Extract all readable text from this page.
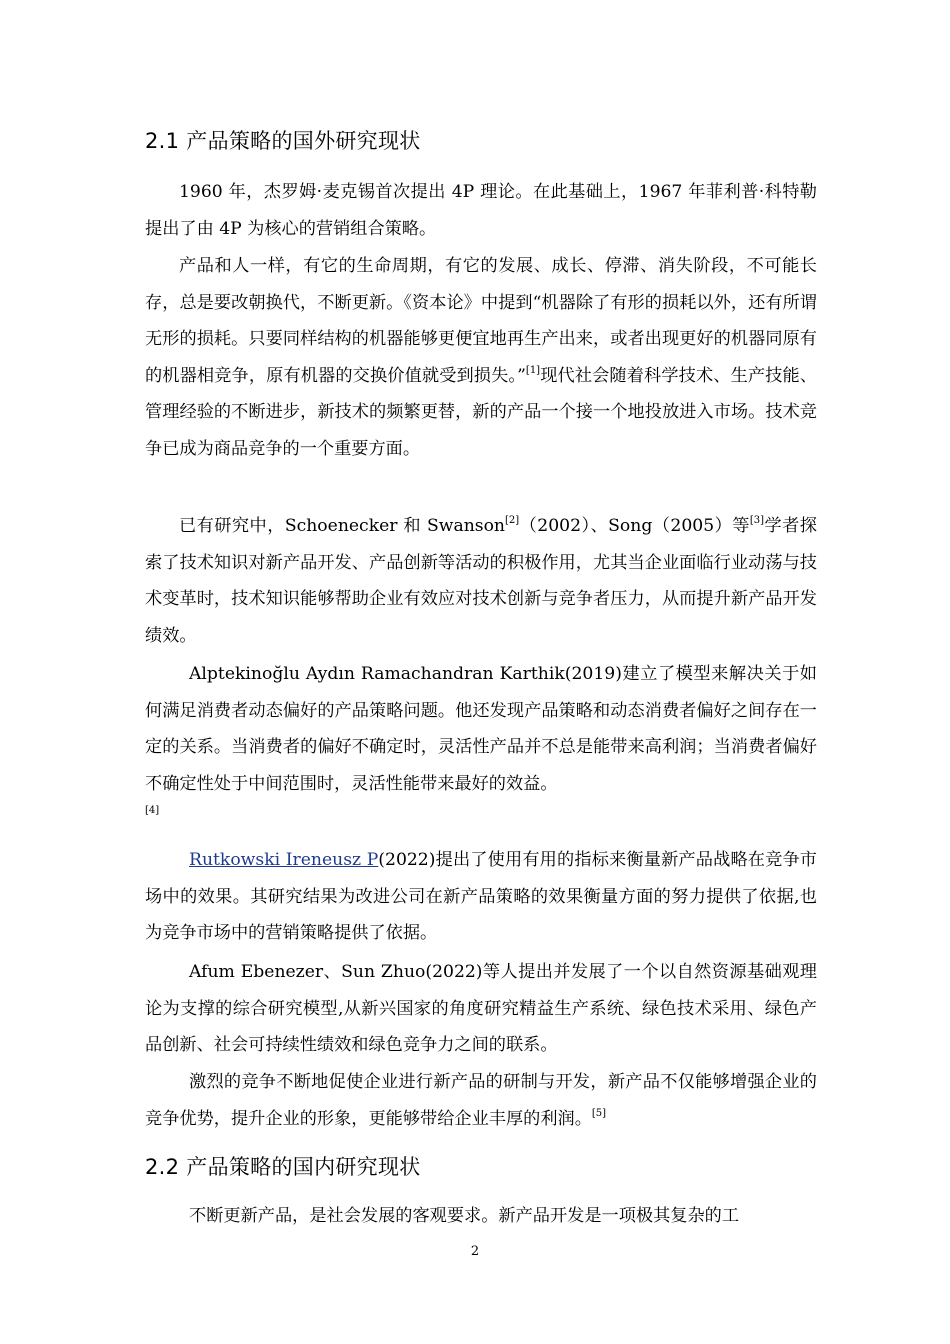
2.1 产品策略的国外研究现状

1960 年，杰罗姆·麦克锡首次提出 4P 理论。在此基础上，1967 年菲利普·科特勒提出了由 4P 为核心的营销组合策略。

产品和人一样，有它的生命周期，有它的发展、成长、停滞、消失阶段，不可能长存，总是要改朝换代，不断更新。《资本论》中提到“机器除了有形的损耗以外，还有所谓无形的损耗。只要同样结构的机器能够更便宜地再生产出来，或者出现更好的机器同原有的机器相竞争，原有机器的交换价值就受到损失。”[1]现代社会随着科学技术、生产技能、管理经验的不断进步，新技术的频繁更替，新的产品一个接一个地投放进入市场。技术竞争已成为商品竞争的一个重要方面。

已有研究中，Schoenecker 和 Swanson[2]（2002）、Song（2005）等[3]学者探索了技术知识对新产品开发、产品创新等活动的积极作用，尤其当企业面临行业动荡与技术变革时，技术知识能够帮助企业有效应对技术创新与竞争者压力，从而提升新产品开发绩效。

Alptekinoğlu Aydın Ramachandran Karthik(2019)建立了模型来解决关于如何满足消费者动态偏好的产品策略问题。他还发现产品策略和动态消费者偏好之间存在一定的关系。当消费者的偏好不确定时，灵活性产品并不总是能带来高利润；当消费者偏好不确定性处于中间范围时，灵活性能带来最好的效益。
[4]

Rutkowski Ireneusz P(2022)提出了使用有用的指标来衡量新产品战略在竞争市场中的效果。其研究结果为改进公司在新产品策略的效果衡量方面的努力提供了依据,也为竞争市场中的营销策略提供了依据。

Afum Ebenezer、Sun Zhuo(2022)等人提出并发展了一个以自然资源基础观理论为支撑的综合研究模型,从新兴国家的角度研究精益生产系统、绿色技术采用、绿色产品创新、社会可持续性绩效和绿色竞争力之间的联系。

激烈的竞争不断地促使企业进行新产品的研制与开发，新产品不仅能够增强企业的竞争优势，提升企业的形象，更能够带给企业丰厚的利润。[5]

2.2 产品策略的国内研究现状

不断更新产品，是社会发展的客观要求。新产品开发是一项极其复杂的工

2
